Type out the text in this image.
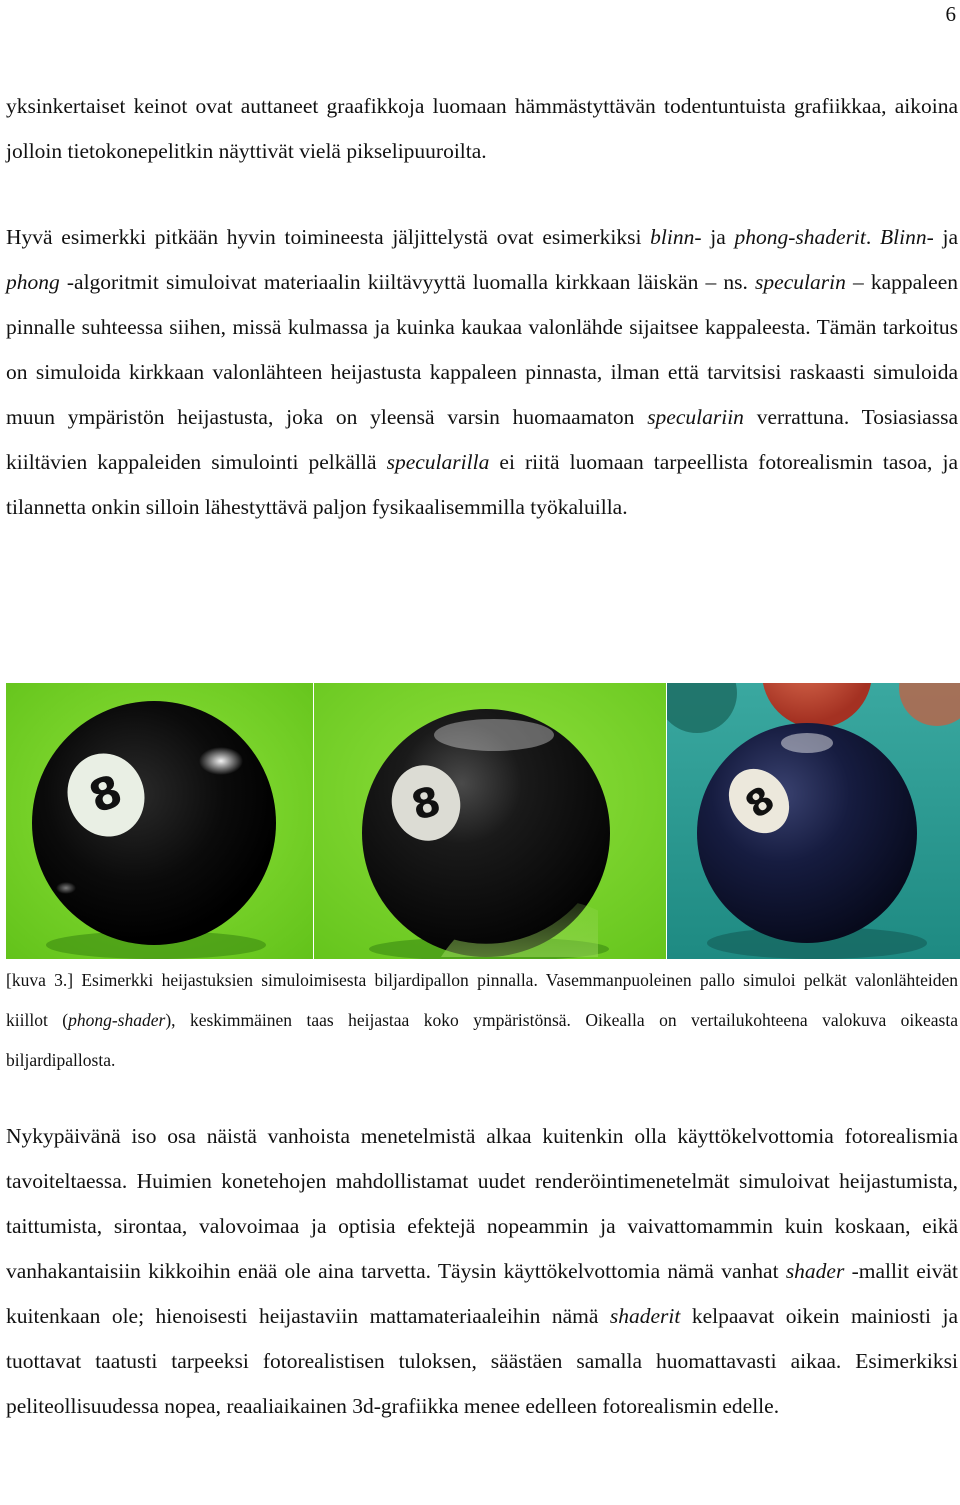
6

yksinkertaiset keinot ovat auttaneet graafikkoja luomaan hämmästyttävän todentuntuista grafiikkaa, aikoina jolloin tietokonepelitkin näyttivät vielä pikselipuuroilta.

Hyvä esimerkki pitkään hyvin toimineesta jäljittelystä ovat esimerkiksi blinn- ja phong-shaderit. Blinn- ja phong -algoritmit simuloivat materiaalin kiiltävyyttä luomalla kirkkaan läiskän – ns. specularin – kappaleen pinnalle suhteessa siihen, missä kulmassa ja kuinka kaukaa valonlähde sijaitsee kappaleesta. Tämän tarkoitus on simuloida kirkkaan valonlähteen heijastusta kappaleen pinnasta, ilman että tarvitsisi raskaasti simuloida muun ympäristön heijastusta, joka on yleensä varsin huomaamaton speculariin verrattuna. Tosiasiassa kiiltävien kappaleiden simulointi pelkällä specularilla ei riitä luomaan tarpeellista fotorealismin tasoa, ja tilannetta onkin silloin lähestyttävä paljon fysikaalisemmilla työkaluilla.

8	8	8

[kuva 3.] Esimerkki heijastuksien simuloimisesta biljardipallon pinnalla. Vasemmanpuoleinen pallo simuloi pelkät valonlähteiden kiillot (phong-shader), keskimmäinen taas heijastaa koko ympäristönsä. Oikealla on vertailukohteena valokuva oikeasta biljardipallosta.

Nykypäivänä iso osa näistä vanhoista menetelmistä alkaa kuitenkin olla käyttökelvottomia fotorealismia tavoiteltaessa. Huimien konetehojen mahdollistamat uudet renderöintimenetelmät simuloivat heijastumista, taittumista, sirontaa, valovoimaa ja optisia efektejä nopeammin ja vaivattomammin kuin koskaan, eikä vanhakantaisiin kikkoihin enää ole aina tarvetta. Täysin käyttökelvottomia nämä vanhat shader -mallit eivät kuitenkaan ole; hienoisesti heijastaviin mattamateriaaleihin nämä shaderit kelpaavat oikein mainiosti ja tuottavat taatusti tarpeeksi fotorealistisen tuloksen, säästäen samalla huomattavasti aikaa. Esimerkiksi peliteollisuudessa nopea, reaaliaikainen 3d-grafiikka menee edelleen fotorealismin edelle.
